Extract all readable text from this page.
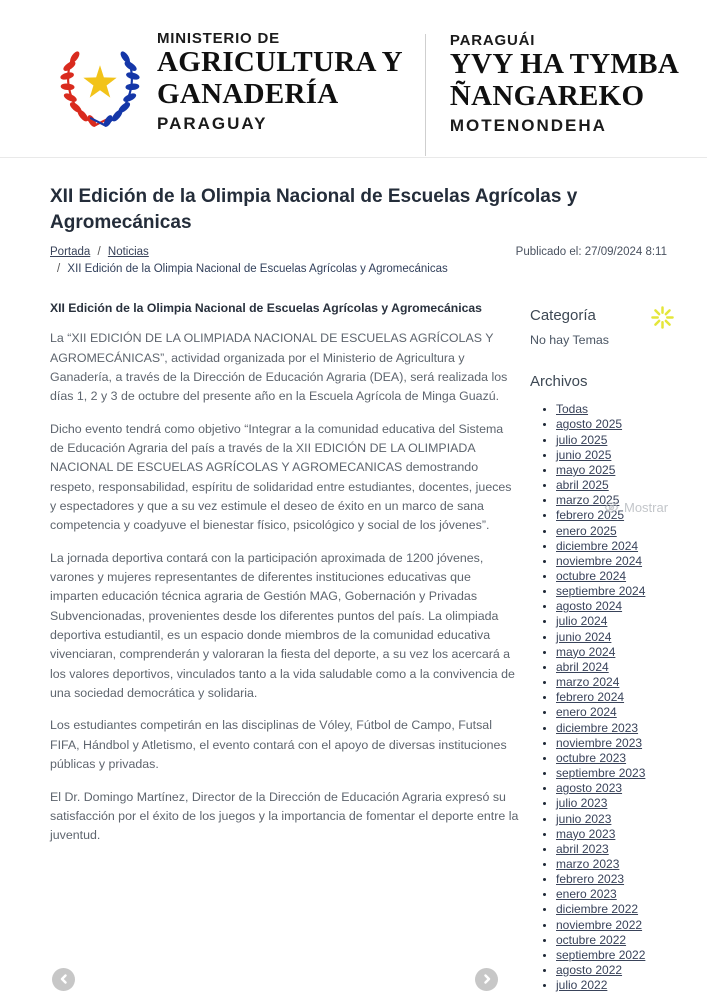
MINISTERIO DE
AGRICULTURA Y
GANADERÍA
PARAGUAY
PARAGUÁI
YVY HA TYMBA
ÑANGAREKO
MOTENONDEHA
XII Edición de la Olimpia Nacional de Escuelas Agrícolas y Agromecánicas
Portada / Noticias	Publicado el: 27/09/2024 8:11
/ XII Edición de la Olimpia Nacional de Escuelas Agrícolas y Agromecánicas
XII Edición de la Olimpia Nacional de Escuelas Agrícolas y Agromecánicas

La “XII EDICIÓN DE LA OLIMPIADA NACIONAL DE ESCUELAS AGRÍCOLAS Y AGROMECÁNICAS”, actividad organizada por el Ministerio de Agricultura y Ganadería, a través de la Dirección de Educación Agraria (DEA), será realizada los días 1, 2 y 3 de octubre del presente año en la Escuela Agrícola de Minga Guazú.

Dicho evento tendrá como objetivo “Integrar a la comunidad educativa del Sistema de Educación Agraria del país a través de la XII EDICIÓN DE LA OLIMPIADA NACIONAL DE ESCUELAS AGRÍCOLAS Y AGROMECANICAS demostrando respeto, responsabilidad, espíritu de solidaridad entre estudiantes, docentes, jueces y espectadores y que a su vez estimule el deseo de éxito en un marco de sana competencia y coadyuve el bienestar físico, psicológico y social de los jóvenes”.

La jornada deportiva contará con la participación aproximada de 1200 jóvenes, varones y mujeres representantes de diferentes instituciones educativas que imparten educación técnica agraria de Gestión MAG, Gobernación y Privadas Subvencionadas, provenientes desde los diferentes puntos del país. La olimpiada deportiva estudiantil, es un espacio donde miembros de la comunidad educativa vivenciaran, comprenderán y valoraran la fiesta del deporte, a su vez los acercará a los valores deportivos, vinculados tanto a la vida saludable como a la convivencia de una sociedad democrática y solidaria.

Los estudiantes competirán en las disciplinas de Vóley, Fútbol de Campo, Futsal FIFA, Hándbol y Atletismo, el evento contará con el apoyo de diversas instituciones públicas y privadas.

El Dr. Domingo Martínez, Director de la Dirección de Educación Agraria expresó su satisfacción por el éxito de los juegos y la importancia de fomentar el deporte entre la juventud.

Categoría
No hay Temas
Archivos
• Todas
• agosto 2025
• julio 2025
• junio 2025
• mayo 2025
• abril 2025
• marzo 2025
• febrero 2025
• enero 2025
• diciembre 2024
• noviembre 2024
• octubre 2024
• septiembre 2024
• agosto 2024
• julio 2024
• junio 2024
• mayo 2024
• abril 2024
• marzo 2024
• febrero 2024
• enero 2024
• diciembre 2023
• noviembre 2023
• octubre 2023
• septiembre 2023
• agosto 2023
• julio 2023
• junio 2023
• mayo 2023
• abril 2023
• marzo 2023
• febrero 2023
• enero 2023
• diciembre 2022
• noviembre 2022
• octubre 2022
• septiembre 2022
• agosto 2022
• julio 2022
Mostrar
